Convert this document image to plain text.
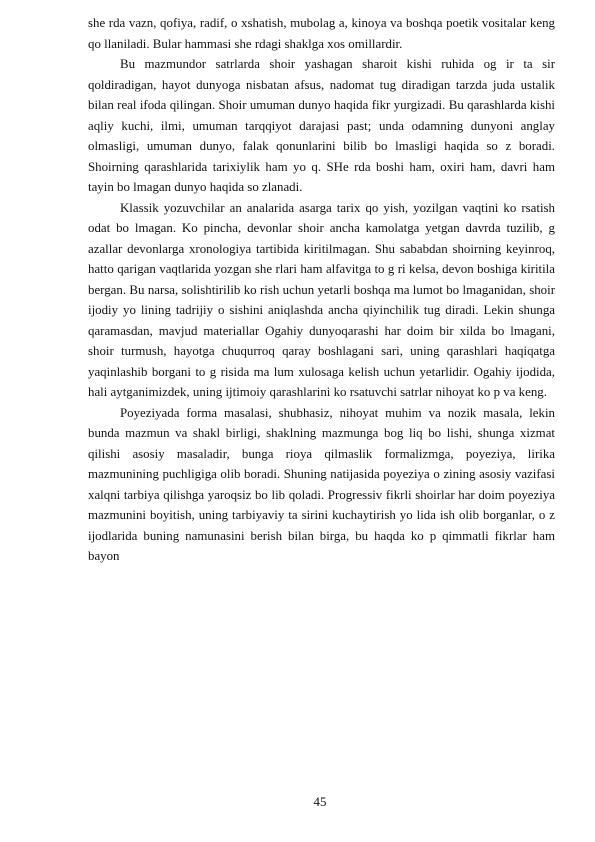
she rda vazn, qofiya, radif, o xshatish, mubolag a, kinoya va boshqa poetik vositalar keng qo llaniladi. Bular hammasi she rdagi shaklga xos omillardir.

Bu mazmundor satrlarda shoir yashagan sharoit kishi ruhida og ir ta sir qoldiradigan, hayot dunyoga nisbatan afsus, nadomat tug diradigan tarzda juda ustalik bilan real ifoda qilingan. Shoir umuman dunyo haqida fikr yurgizadi. Bu qarashlarda kishi aqliy kuchi, ilmi, umuman tarqqiyot darajasi past; unda odamning dunyoni anglay olmasligi, umuman dunyo, falak qonunlarini bilib bo lmasligi haqida so z boradi. Shoirning qarashlarida tarixiylik ham yo q. SHe rda boshi ham, oxiri ham, davri ham tayin bo lmagan dunyo haqida so zlanadi.

Klassik yozuvchilar an analarida asarga tarix qo yish, yozilgan vaqtini ko rsatish odat bo lmagan. Ko pincha, devonlar shoir ancha kamolatga yetgan davrda tuzilib, g azallar devonlarga xronologiya tartibida kiritilmagan. Shu sababdan shoirning keyinroq, hatto qarigan vaqtlarida yozgan she rlari ham alfavitga to g ri kelsa, devon boshiga kiritila bergan. Bu narsa, solishtirilib ko rish uchun yetarli boshqa ma lumot bo lmaganidan, shoir ijodiy yo lining tadrijiy o sishini aniqlashda ancha qiyinchilik tug diradi. Lekin shunga qaramasdan, mavjud materiallar Ogahiy dunyoqarashi har doim bir xilda bo lmagani, shoir turmush, hayotga chuqurroq qaray boshlagani sari, uning qarashlari haqiqatga yaqinlashib borgani to g risida ma lum xulosaga kelish uchun yetarlidir. Ogahiy ijodida, hali aytganimizdek, uning ijtimoiy qarashlarini ko rsatuvchi satrlar nihoyat ko p va keng.

Poyeziyada forma masalasi, shubhasiz, nihoyat muhim va nozik masala, lekin bunda mazmun va shakl birligi, shaklning mazmunga bog liq bo lishi, shunga xizmat qilishi asosiy masaladir, bunga rioya qilmaslik formalizmga, poyeziya, lirika mazmunining puchligiga olib boradi. Shuning natijasida poyeziya o zining asosiy vazifasi xalqni tarbiya qilishga yaroqsiz bo lib qoladi. Progressiv fikrli shoirlar har doim poyeziya mazmunini boyitish, uning tarbiyaviy ta sirini kuchaytirish yo lida ish olib borganlar, o z ijodlarida buning namunasini berish bilan birga, bu haqda ko p qimmatli fikrlar ham bayon

45
